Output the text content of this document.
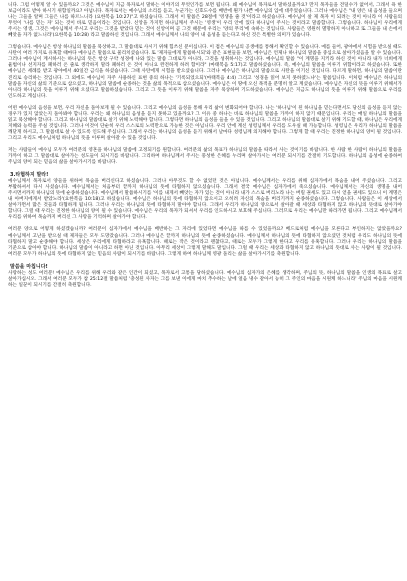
니다. 그럼 어떻게 알 수 있을까요? 그것은 예수님이 지금 목자로서 말하는 이야기의 무엇인가를 보면 됩니다. 왜 예수님이 목자로서 말하셨을까요? 만지 목자들을 견딜수가 없어서, 그래서 욕 한 보금이라도 받아 하시기 위함일까요? 아닙니다. 목자로서는 예수님의 소리를 듣고, 누군가는 신호도수를 배반에 뭔가 나쁜 예수님의 입에 대주었습니다. 그러나 예수님은 "내 양은 내 음성을 들으며 나는 그들을 알며 그들은 나를 따르느니라 (요한복음 10:27)"고 하셨습니다. 그래서 이 말씀은 28절에 '영생을 줄 것'이라고 하셨습니다. 예수님이 살 제 목자 이 되려는 것이 아니라 이 사람들의 무엇이 '나를 믿는 자' 되는 것이 바로 믿음이라는 것입니다. 신앙을 가지면 하나님께서 주시는 '영생'이 우리 안에 있다 하나님이 주시는 것이라고 말씀합니다. 그렇습니다. 하나님이 우리에게 주시는 영생, 그것은 예수님께서 주시고 우리는 그것을 받았다 믿는 것이 신앙이며 곧 그것 때문에 우리는 '양의 무리'에 속하는 것입니다. 사람들은 영원히 멸망하지 아니하고 또 그들을 내 손에서 빼앗을 자가 없느니라'(요한복음 10:28) 라고 말씀하신 것입니다. 그래서 예수님께서 나의 양이 내 음성을 듣는다고 하신 것은 특별한 의미가 있습니다.
그렇습니다. 예수님은 항상 하나님의 말씀을 묵상하고, 그 말씀대로 사시기 위해 힘쓰신 분이십니다. 이 점은 예수님의 공생애를 통해서 확인할 수 있습니다. 예를 들어, 광야에서 시험을 받으실 때도 사탄이 여러 가지로 유혹할 때마다 예수님은 말씀으로 물리치셨습니다. 또 '제자들에게 말씀하시되'와 같은 표현들을 보면, 예수님은 언제나 하나님의 말씀을 중심으로 살아가셨음을 알 수 있습니다. 그러나 예수님이 계시하시는 하나님의 뜻은 항상 구약 성경에 나와 있는 말씀 그대로가 아니라, 그것을 성취하시는 것입니다. 예수님의 말씀 "이 계명을 지키라 하신 것이 아니라 내가 너희에게 율법이나 선지자를 폐하러 온 줄로 생각하지 말라 폐하러 온 것이 아니요 완전하게 하려 함이라" (마태복음 5:17)고 말씀하셨습니다. 즉, 예수님의 말씀을 이루기 위함이라고 하셨습니다. 또한 예수님은 세례를 받고 광야에서 40일간 금식을 하셨습니다. 그때 사탄에게 시험을 받으셨습니다. 그러나 예수님은 하나님의 말씀으로 사탄을 이기신 것입니다. 다르게 말하면, 하나님의 말씀이란 진리로 승리하는 것입니다. 그 외에도 예수님이 자주 사용하신 표현 중의 하나는 '기록되었으되'(마태복음 4:4) 그리고 '성경을 읽어 보지 못하였느냐'는 말씀입니다. 이처럼 예수님은 하나님의 말씀을 자신의 삶의 기준으로 삼으셨고, 하나님의 말씀에 순종하는 것을 삶의 목적으로 삼으셨습니다. 예수님은 이 땅에 오신 목적을 분명히 알고 계셨습니다. 예수님은 자신의 뜻을 이루기 위해서가 아니라 하나님의 뜻을 이루기 위해 오셨다고 말씀하셨습니다. 그리고 그 뜻을 이루기 위해 말씀을 자주 묵상하며 기도하셨습니다. 예수님은 지금도 하나님의 뜻을 이루기 위해 말씀으로 우리를 인도하고 계십니다.
어떤 예수님의 음성을 보면, 우리 자신을 돌아보게 될 수 있습니다. 그리고 예수님의 음성을 통해 우리 삶이 변화되어야 합니다. 나는 '하나님'이 된 하나님을 믿는다면서도 당신의 음성을 듣지 않는 경우가 있지 않았는지 돌아봐야 합니다. 우리는 왜 하나님의 음성을 듣지 못하고 있을까요? 그 이유 중 하나는 바로 하나님의 말씀을 가까이 하지 않기 때문입니다. 우리는 매일 하나님의 말씀을 읽고 묵상해야 합니다. 그리고 하나님의 말씀대로 살기 위해 노력해야 합니다. 그렇다면 하나님의 음성을 들을 수 있을 것입니다. 그리고 하나님의 말씀대로 살기 위해 기도할 때, 하나님은 우리에게 지혜와 능력을 주실 것입니다. 그러나 이것이 단순히 우리 스스로의 노력만으로 가능한 것은 아닙니다. 우리 안에 계신 성령님께서 우리를 도우실 때 가능합니다. 성령님은 우리가 하나님의 말씀을 깨닫게 하시고, 그 말씀대로 살 수 있도록 인도해 주십니다. 그래서 우리는 하나님의 음성을 듣기 위해서 날마다 성령님께 의지해야 합니다. 그렇게 할 때 우리는 진정한 하나님의 양이 될 것입니다. 그리고 우리도 예수님처럼 하나님의 뜻을 이루며 살아갈 수 있을 것입니다.
저는 사람들이 예수님 모두가 여러분의 영혼을 하나님의 말씀에 고정되기를 원합니다. 여러분의 삶의 목표가 하나님의 말씀을 따라서 사는 것이기를 바랍니다. 한 사람 한 사람이 하나님의 말씀을 가까이 하고 그 말씀대로 살아가는 성도들이 되시기를 바랍니다. 그리하여 하나님께서 주시는 풍성한 은혜를 누리며 살아가시는 여러분 되시기를 간절히 기도합니다. 하나님의 음성에 순종하여 주님의 양이 되는 믿음의 삶을 살아가시기를 바랍니다.
3.타협하지 말라!
예수님께서 목자로서 양들을 위하여 목숨을 버리신다고 하셨습니다. 그러나 아무것도 할 수 없었던 것은 아닙니다. 예수님께서는 우리를 위해 십자가에서 목숨을 내어 주셨습니다. 그리고 부활하셔서 다시 사셨습니다. 예수님께서는 처음부터 끝까지 하나님의 뜻에 타협하지 않으셨습니다. 그래서 결국 예수님은 십자가에서 죽으셨습니다. 예수님께서는 자신의 생명을 내어 주시면서까지 하나님의 뜻에 순종하셨습니다. 예수님께서 말씀하시기를 '이를 내게서 빼앗는 자가 있는 것이 아니라 내가 스스로 버리노라 나는 버릴 권세도 있고 다시 얻을 권세도 있으니 이 계명은 내 아버지에게서 받았노라'(요한복음 10:18)고 하셨습니다. 예수님은 하나님의 뜻에 타협하지 않으시고 오히려 자신의 목숨을 버리기까지 순종하셨습니다. 그렇습니다. 사람들은 이 세상에서 살아가면서 많은 것들과 타협하게 됩니다. 그러나 우리는 하나님의 뜻에 타협하지 말아야 합니다. 그래서 우리가 하나님의 양으로서 살아갈 때 세상과 타협하지 않고 하나님의 뜻대로 살아가야 합니다. 그럴 때 우리는 진정한 하나님의 양이 될 수 있습니다. 예수님은 우리의 목자가 되셔서 우리를 인도하시고 보호해 주십니다. 그러므로 우리는 예수님만 따라가면 됩니다. 그리고 예수님께서 우리를 위하여 목숨까지 버리신 그 사랑을 기억하며 살아가야 합니다.
여러분 양으로 어떻게 하셨겠습니까? 여러분이 십자가에서 예수님을 배반하는 그 자리에 있었다면 예수님을 따를 수 있었을까요? 베드로처럼 예수님을 모른다고 부인하지는 않았을까요? 예수님께서 고난을 받으실 때 제자들은 모두 도망갔습니다. 그러나 예수님은 끝까지 하나님의 뜻에 순종하셨습니다. 예수님께서 하나님의 뜻에 타협하지 않으셨던 것처럼 우리도 하나님의 뜻에 타협하지 말고 순종해야 합니다. 세상은 우리에게 타협하라고 유혹합니다. 때로는 작은 것이라고 괜찮다고, 때로는 모두가 그렇게 한다고 우리를 유혹합니다. 그러나 우리는 하나님의 말씀을 기준으로 삼아야 합니다. 하나님의 말씀이 아니라고 하면 아닌 것입니다. 아무리 세상이 그렇게 말해도 말입니다. 그럴 때 우리는 세상과 타협하지 않고 하나님의 뜻대로 사는 사람이 될 것입니다. 여러분 모두가 하나님의 뜻에 타협하지 않는 믿음의 사람이 되시기를 바랍니다. 그렇게 하여 하나님께 영광 돌리는 삶을 살아가시기를 축원합니다.
말씀을 마칩니다!
사랑하는 성도 여러분! 예수님은 우리를 위해 우리와 같은 인간이 되셨고, 목자로서 고통을 당하셨습니다. 예수님의 십자가의 은혜를 생각하며, 주님의 뜻, 하나님의 말씀을 인생의 목표로 살고 살아가십시오. 그래서 여러분 모두가 참 25:12절 말씀처럼 '충성된 사자는 그를 보낸 이에게 마치 추수하는 날에 얼음 냉수 같아서 능히 그 주인의 마음을 시원케 하느니라' 주님의 마음을 시원케 하는 일꾼이 되시기를 간절히 축원합니다.
